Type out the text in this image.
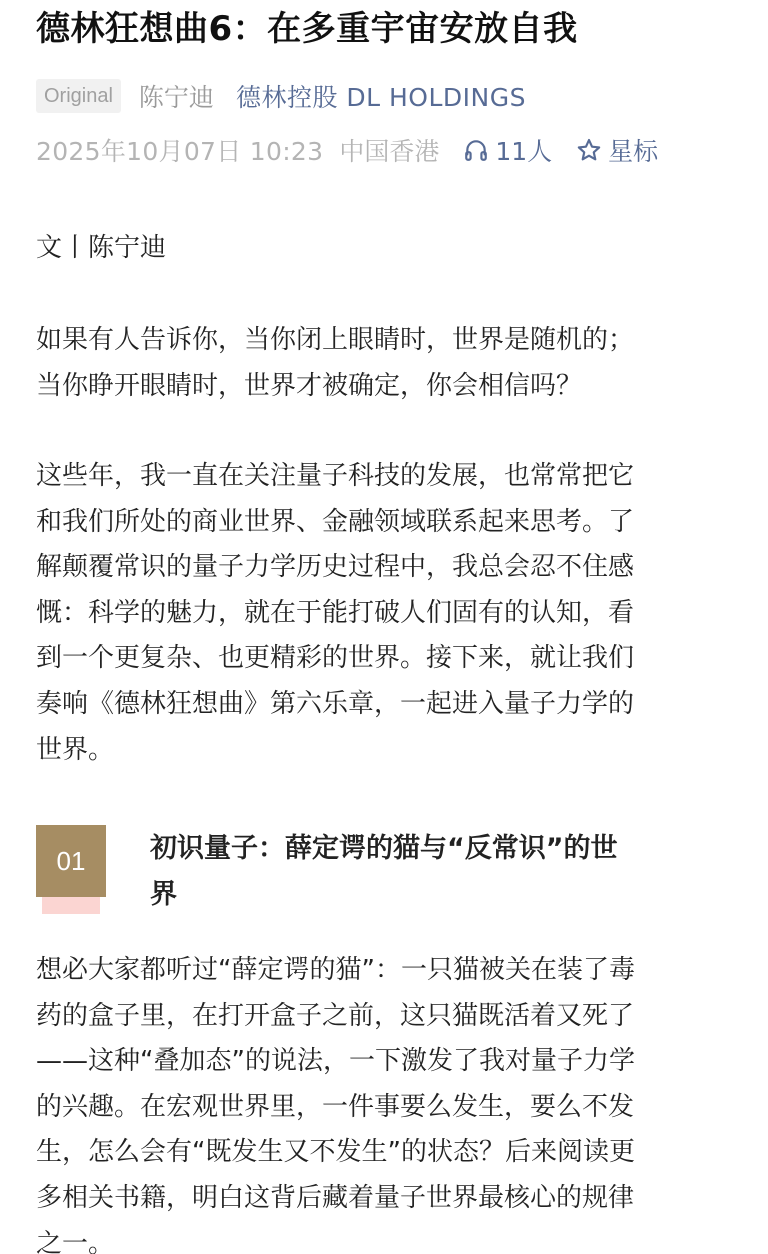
德林狂想曲6：在多重宇宙安放自我
Original	陈宁迪 德林控股 DL HOLDINGS
2025年10月07日 10:23 中国香港 11人 星标
文丨陈宁迪

如果有人告诉你，当你闭上眼睛时，世界是随机的；
当你睁开眼睛时，世界才被确定，你会相信吗？

这些年，我一直在关注量子科技的发展，也常常把它
和我们所处的商业世界、金融领域联系起来思考。了
解颠覆常识的量子力学历史过程中，我总会忍不住感
慨：科学的魅力，就在于能打破人们固有的认知，看
到一个更复杂、也更精彩的世界。接下来，就让我们
奏响《德林狂想曲》第六乐章，一起进入量子力学的
世界。

01	初识量子：薛定谔的猫与“反常识”的世
界

想必大家都听过“薛定谔的猫”：一只猫被关在装了毒
药的盒子里，在打开盒子之前，这只猫既活着又死了
——这种“叠加态”的说法，一下激发了我对量子力学
的兴趣。在宏观世界里，一件事要么发生，要么不发
生，怎么会有“既发生又不发生”的状态？后来阅读更
多相关书籍，明白这背后藏着量子世界最核心的规律
之一。
